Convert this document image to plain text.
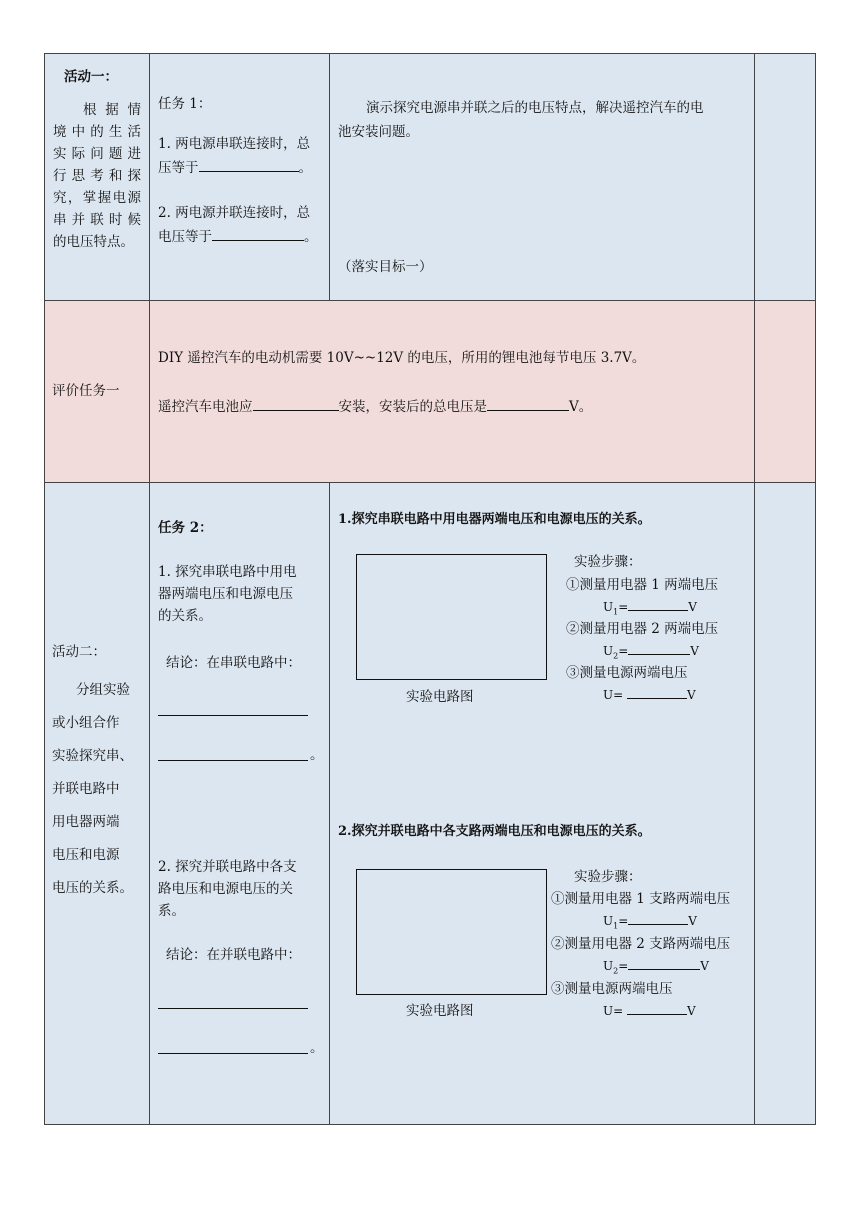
活动一：
根 据 情
境 中 的 生 活
实 际 问 题 进
行 思 考 和 探
究，掌握电源
串 并 联 时 候
的电压特点。
任务 1：
1. 两电源串联连接时，总
压等于	。
2. 两电源并联连接时，总
电压等于	。
演示探究电源串并联之后的电压特点，解决遥控汽车的电
池安装问题。
（落实目标一）
评价任务一
DIY 遥控汽车的电动机需要 10V~~12V 的电压，所用的锂电池每节电压 3.7V。
遥控汽车电池应	安装，安装后的总电压是	V。
活动二：
分组实验
或小组合作
实验探究串、
并联电路中
用电器两端
电压和电源
电压的关系。
任务 2：
1. 探究串联电路中用电
器两端电压和电源电压
的关系。
结论：在串联电路中：
。
2. 探究并联电路中各支
路电压和电源电压的关
系。
结论：在并联电路中：
。
1.探究串联电路中用电器两端电压和电源电压的关系。
实验电路图
实验步骤：
①测量用电器 1 两端电压
$U_1=$	V
②测量用电器 2 两端电压
$U_2=$	V
③测量电源两端电压
U=	V
2.探究并联电路中各支路两端电压和电源电压的关系。
实验电路图
实验步骤：
①测量用电器 1 支路两端电压
$U_1=$	V
②测量用电器 2 支路两端电压
$U_2=$	V
③测量电源两端电压
U=	V
